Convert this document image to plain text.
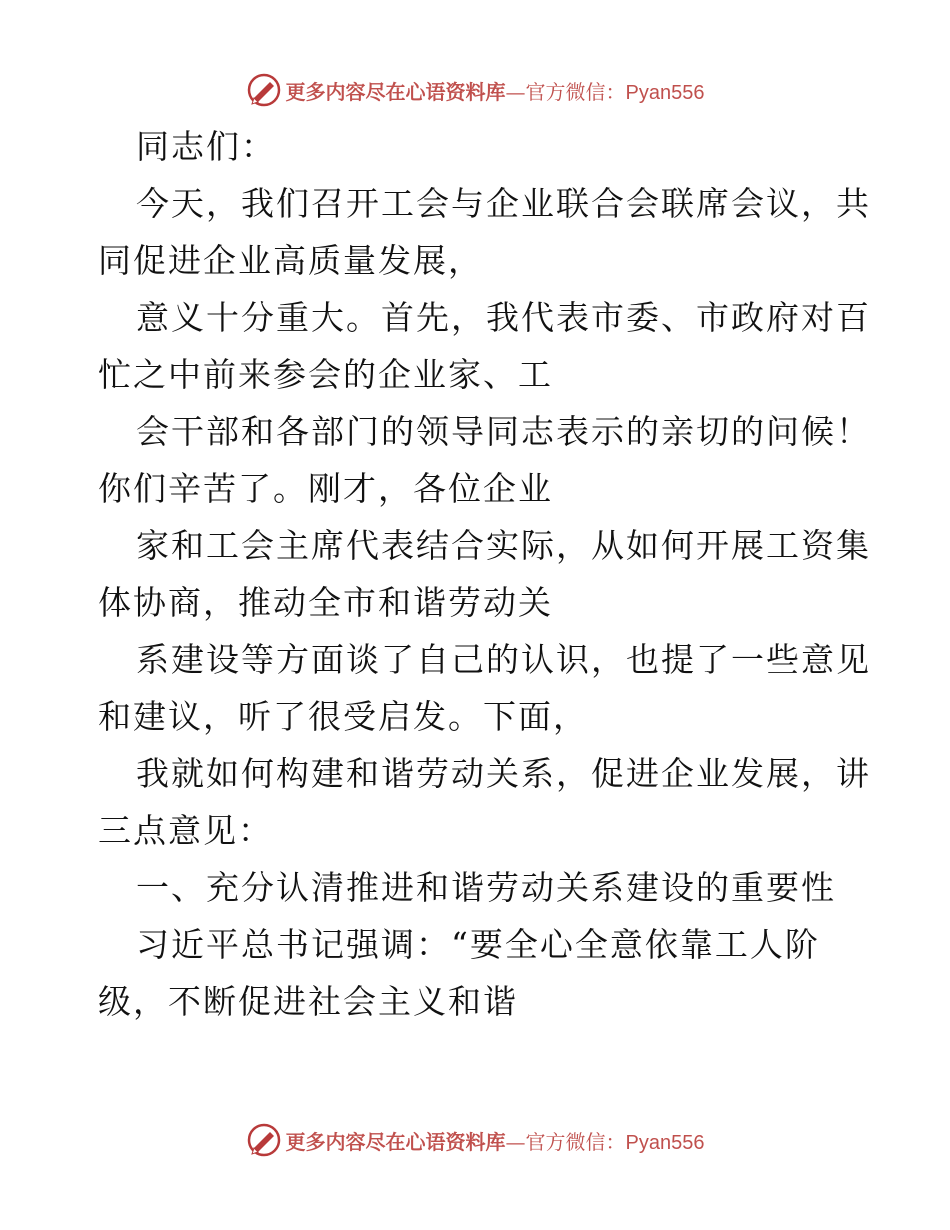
更多内容尽在心语资料库—官方微信：Pyan556
同志们：
今天，我们召开工会与企业联合会联席会议，共
同促进企业高质量发展，
意义十分重大。首先，我代表市委、市政府对百
忙之中前来参会的企业家、工
会干部和各部门的领导同志表示的亲切的问候！
你们辛苦了。刚才，各位企业
家和工会主席代表结合实际，从如何开展工资集
体协商，推动全市和谐劳动关
系建设等方面谈了自己的认识，也提了一些意见
和建议，听了很受启发。下面，
我就如何构建和谐劳动关系，促进企业发展，讲
三点意见：
一、充分认清推进和谐劳动关系建设的重要性
习近平总书记强调：“要全心全意依靠工人阶
级，不断促进社会主义和谐
更多内容尽在心语资料库—官方微信：Pyan556
